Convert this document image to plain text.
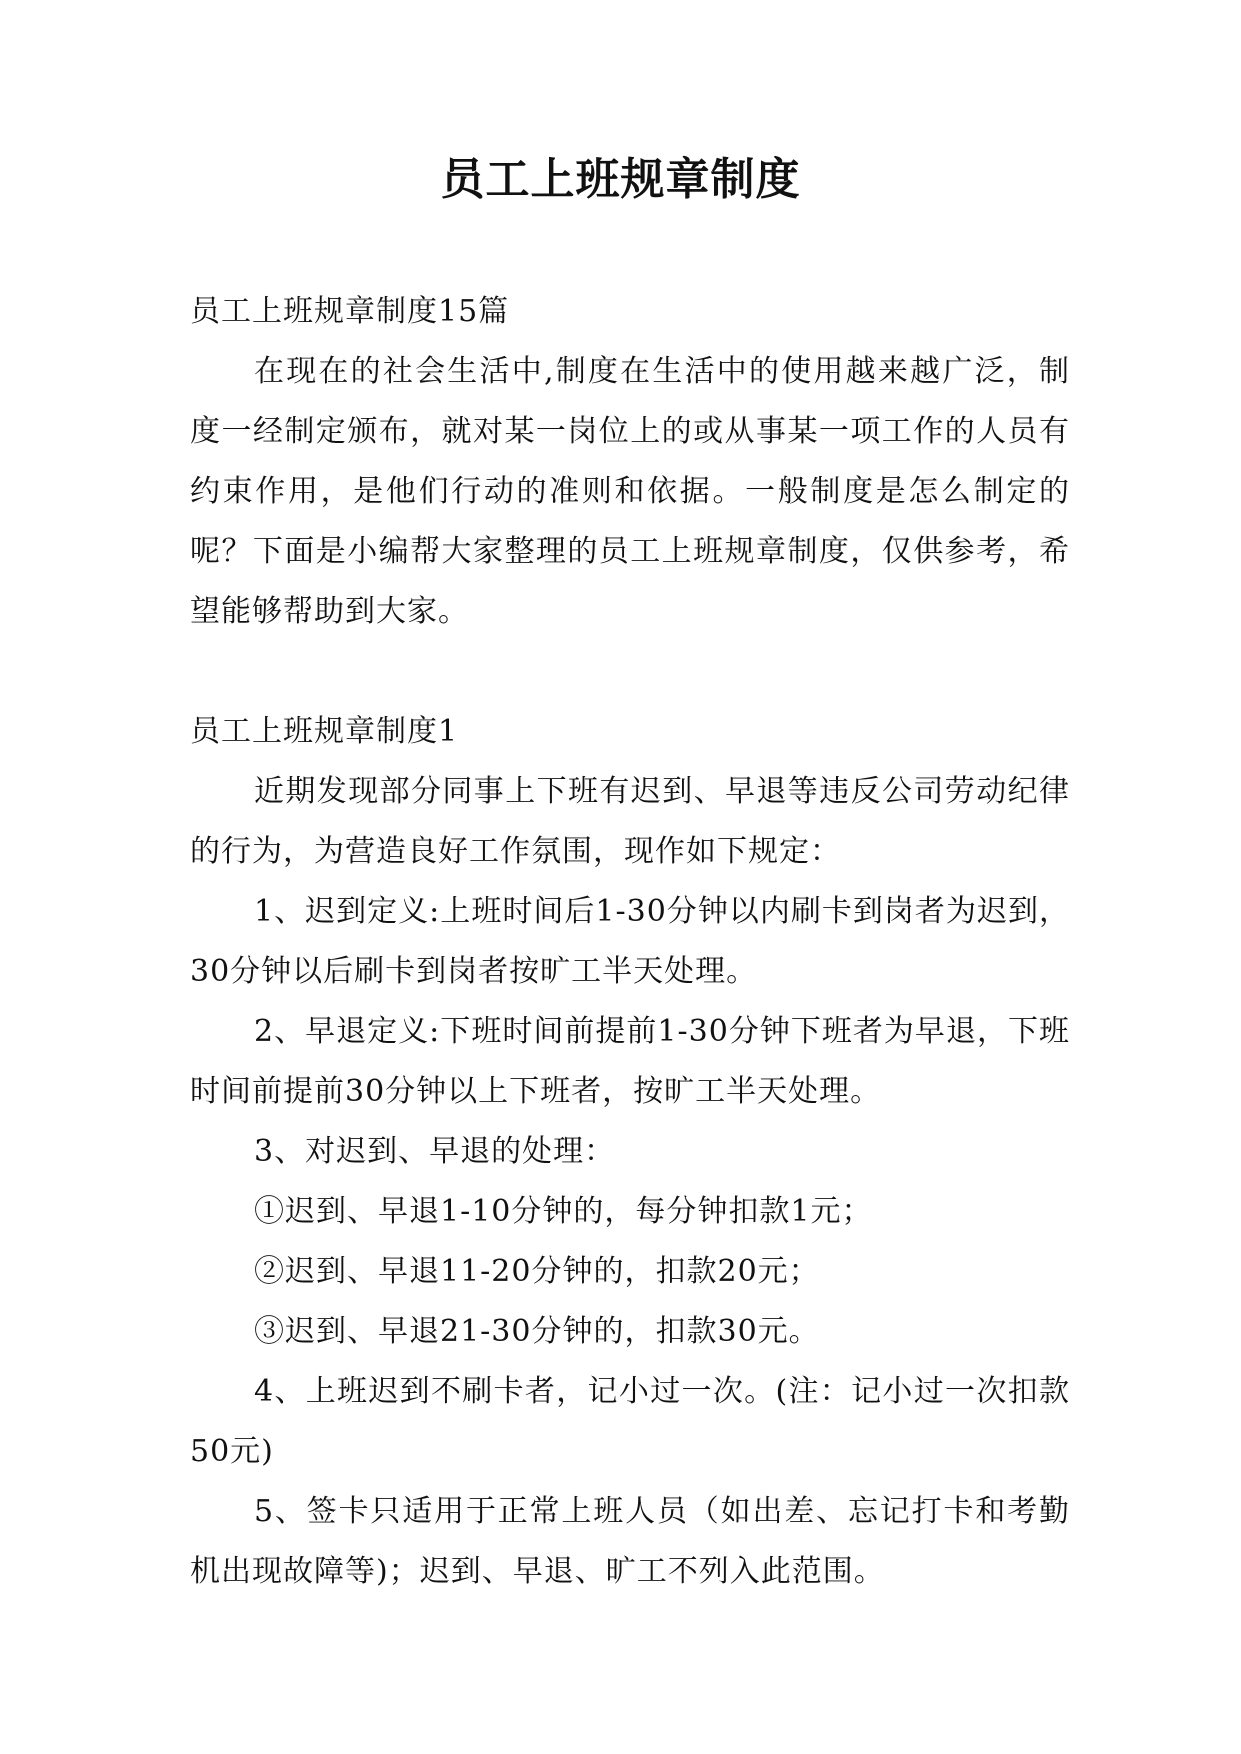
员工上班规章制度

员工上班规章制度15篇

在现在的社会生活中,制度在生活中的使用越来越广泛，制度一经制定颁布，就对某一岗位上的或从事某一项工作的人员有约束作用，是他们行动的准则和依据。一般制度是怎么制定的呢？下面是小编帮大家整理的员工上班规章制度，仅供参考，希望能够帮助到大家。

员工上班规章制度1

近期发现部分同事上下班有迟到、早退等违反公司劳动纪律的行为，为营造良好工作氛围，现作如下规定：

1、迟到定义:上班时间后1-30分钟以内刷卡到岗者为迟到，30分钟以后刷卡到岗者按旷工半天处理。

2、早退定义:下班时间前提前1-30分钟下班者为早退，下班时间前提前30分钟以上下班者，按旷工半天处理。

3、对迟到、早退的处理：

①迟到、早退1-10分钟的，每分钟扣款1元；

②迟到、早退11-20分钟的，扣款20元；

③迟到、早退21-30分钟的，扣款30元。

4、上班迟到不刷卡者，记小过一次。(注：记小过一次扣款50元)

5、签卡只适用于正常上班人员（如出差、忘记打卡和考勤机出现故障等)；迟到、早退、旷工不列入此范围。
